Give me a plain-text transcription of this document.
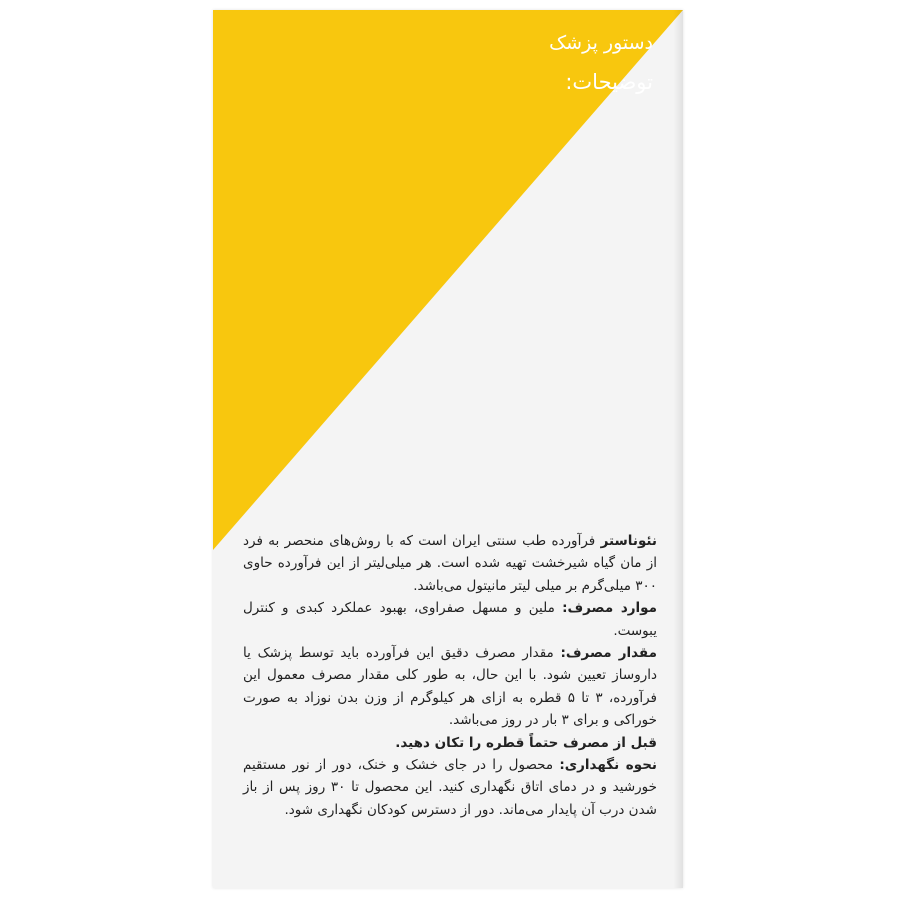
دستور پزشک
توضیحات:

نئوناستر فرآورده طب سنتی ایران است که با روش‌های منحصر به فرد از مان گیاه شیرخشت تهیه شده است. هر میلی‌لیتر از این فرآورده حاوی ۳۰۰ میلی‌گرم بر میلی لیتر مانیتول می‌باشد.

موارد مصرف: ملین و مسهل صفراوی، بهبود عملکرد کبدی و کنترل یبوست.

مقدار مصرف: مقدار مصرف دقیق این فرآورده باید توسط پزشک یا داروساز تعیین شود. با این حال، به طور کلی مقدار مصرف معمول این فرآورده، ۳ تا ۵ قطره به ازای هر کیلوگرم از وزن بدن نوزاد به صورت خوراکی و برای ۳ بار در روز می‌باشد.

قبل از مصرف حتماً قطره را تکان دهید.

نحوه نگهداری: محصول را در جای خشک و خنک، دور از نور مستقیم خورشید و در دمای اتاق نگهداری کنید. این محصول تا ۳۰ روز پس از باز شدن درب آن پایدار می‌ماند. دور از دسترس کودکان نگهداری شود.
